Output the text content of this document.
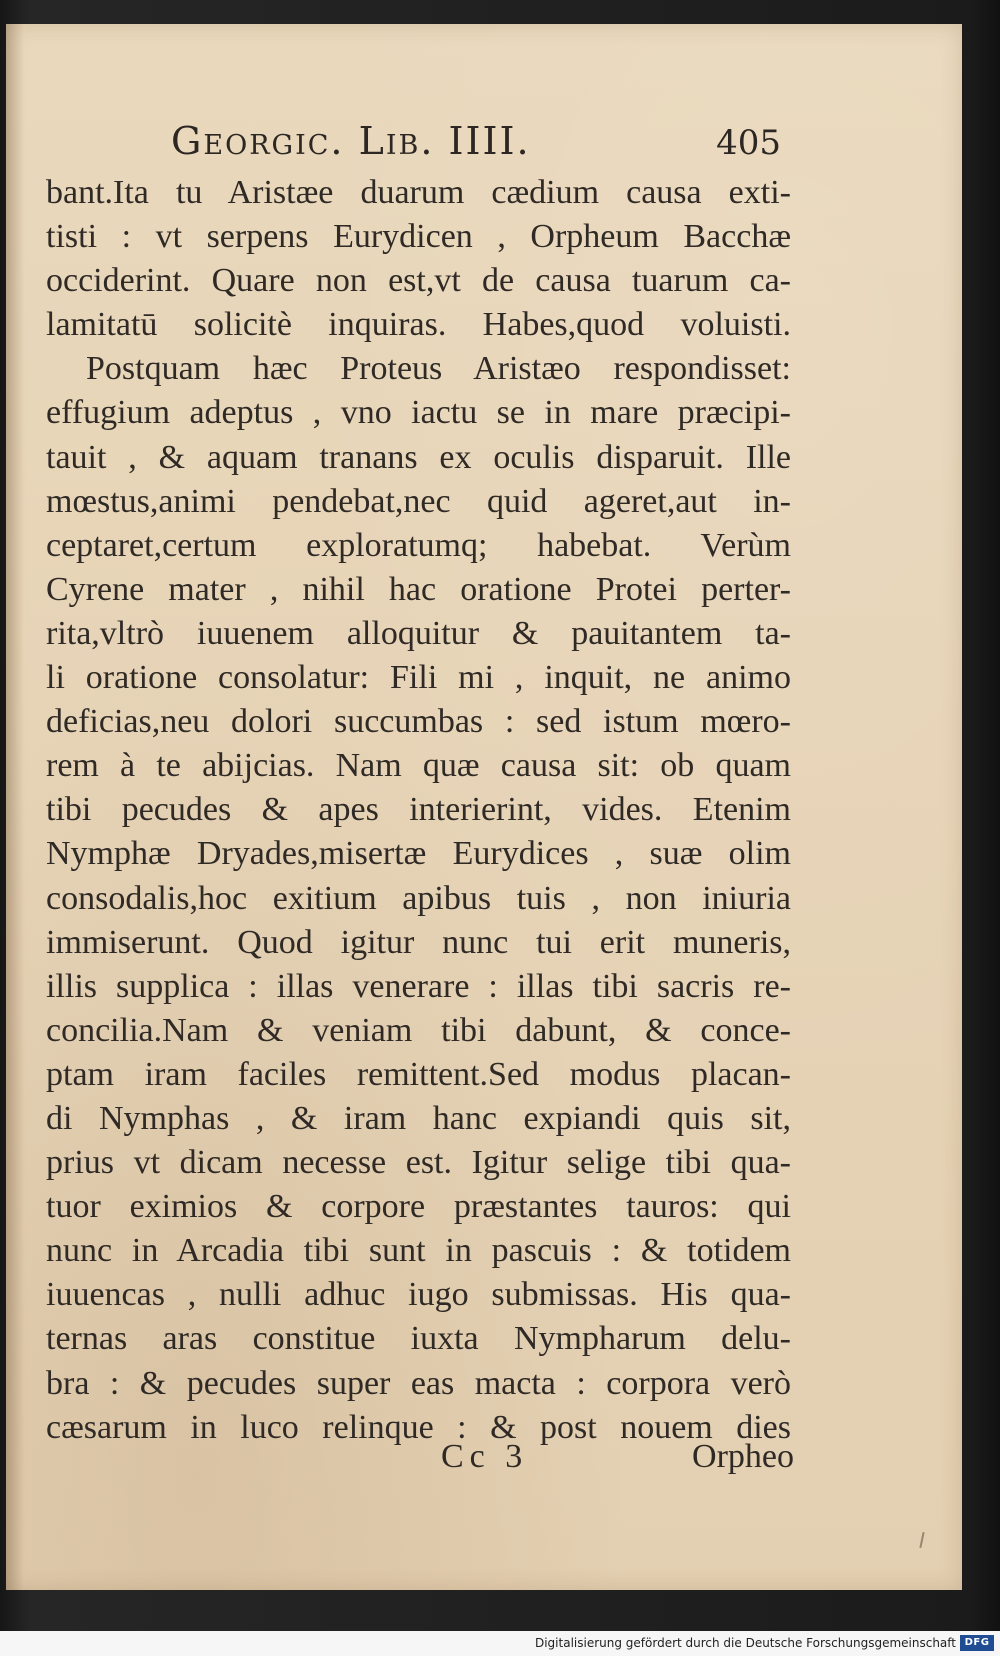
Georgic. Lib. IIII.	405
bant.Ita tu Aristæe duarum cædium causa exti-
tisti : vt serpens Eurydicen , Orpheum Bacchæ
occiderint. Quare non est,vt de causa tuarum ca-
lamitatū solicitè inquiras. Habes,quod voluisti.
Postquam hæc Proteus Aristæo respondisset:
effugium adeptus , vno iactu se in mare præcipi-
tauit , & aquam tranans ex oculis disparuit. Ille
mœstus,animi pendebat,nec quid ageret,aut in-
ceptaret,certum exploratumq; habebat. Verùm
Cyrene mater , nihil hac oratione Protei perter-
rita,vltrò iuuenem alloquitur & pauitantem ta-
li oratione consolatur: Fili mi , inquit, ne animo
deficias,neu dolori succumbas : sed istum mœro-
rem à te abijcias. Nam quæ causa sit: ob quam
tibi pecudes & apes interierint, vides. Etenim
Nymphæ Dryades,misertæ Eurydices , suæ olim
consodalis,hoc exitium apibus tuis , non iniuria
immiserunt. Quod igitur nunc tui erit muneris,
illis supplica : illas venerare : illas tibi sacris re-
concilia.Nam & veniam tibi dabunt, & conce-
ptam iram faciles remittent.Sed modus placan-
di Nymphas , & iram hanc expiandi quis sit,
prius vt dicam necesse est. Igitur selige tibi qua-
tuor eximios & corpore præstantes tauros: qui
nunc in Arcadia tibi sunt in pascuis : & totidem
iuuencas , nulli adhuc iugo submissas. His qua-
ternas aras constitue iuxta Nympharum delu-
bra : & pecudes super eas macta : corpora verò
cæsarum in luco relinque : & post nouem dies
Cc 3	Orpheo
Digitalisierung gefördert durch die Deutsche Forschungsgemeinschaft DFG
